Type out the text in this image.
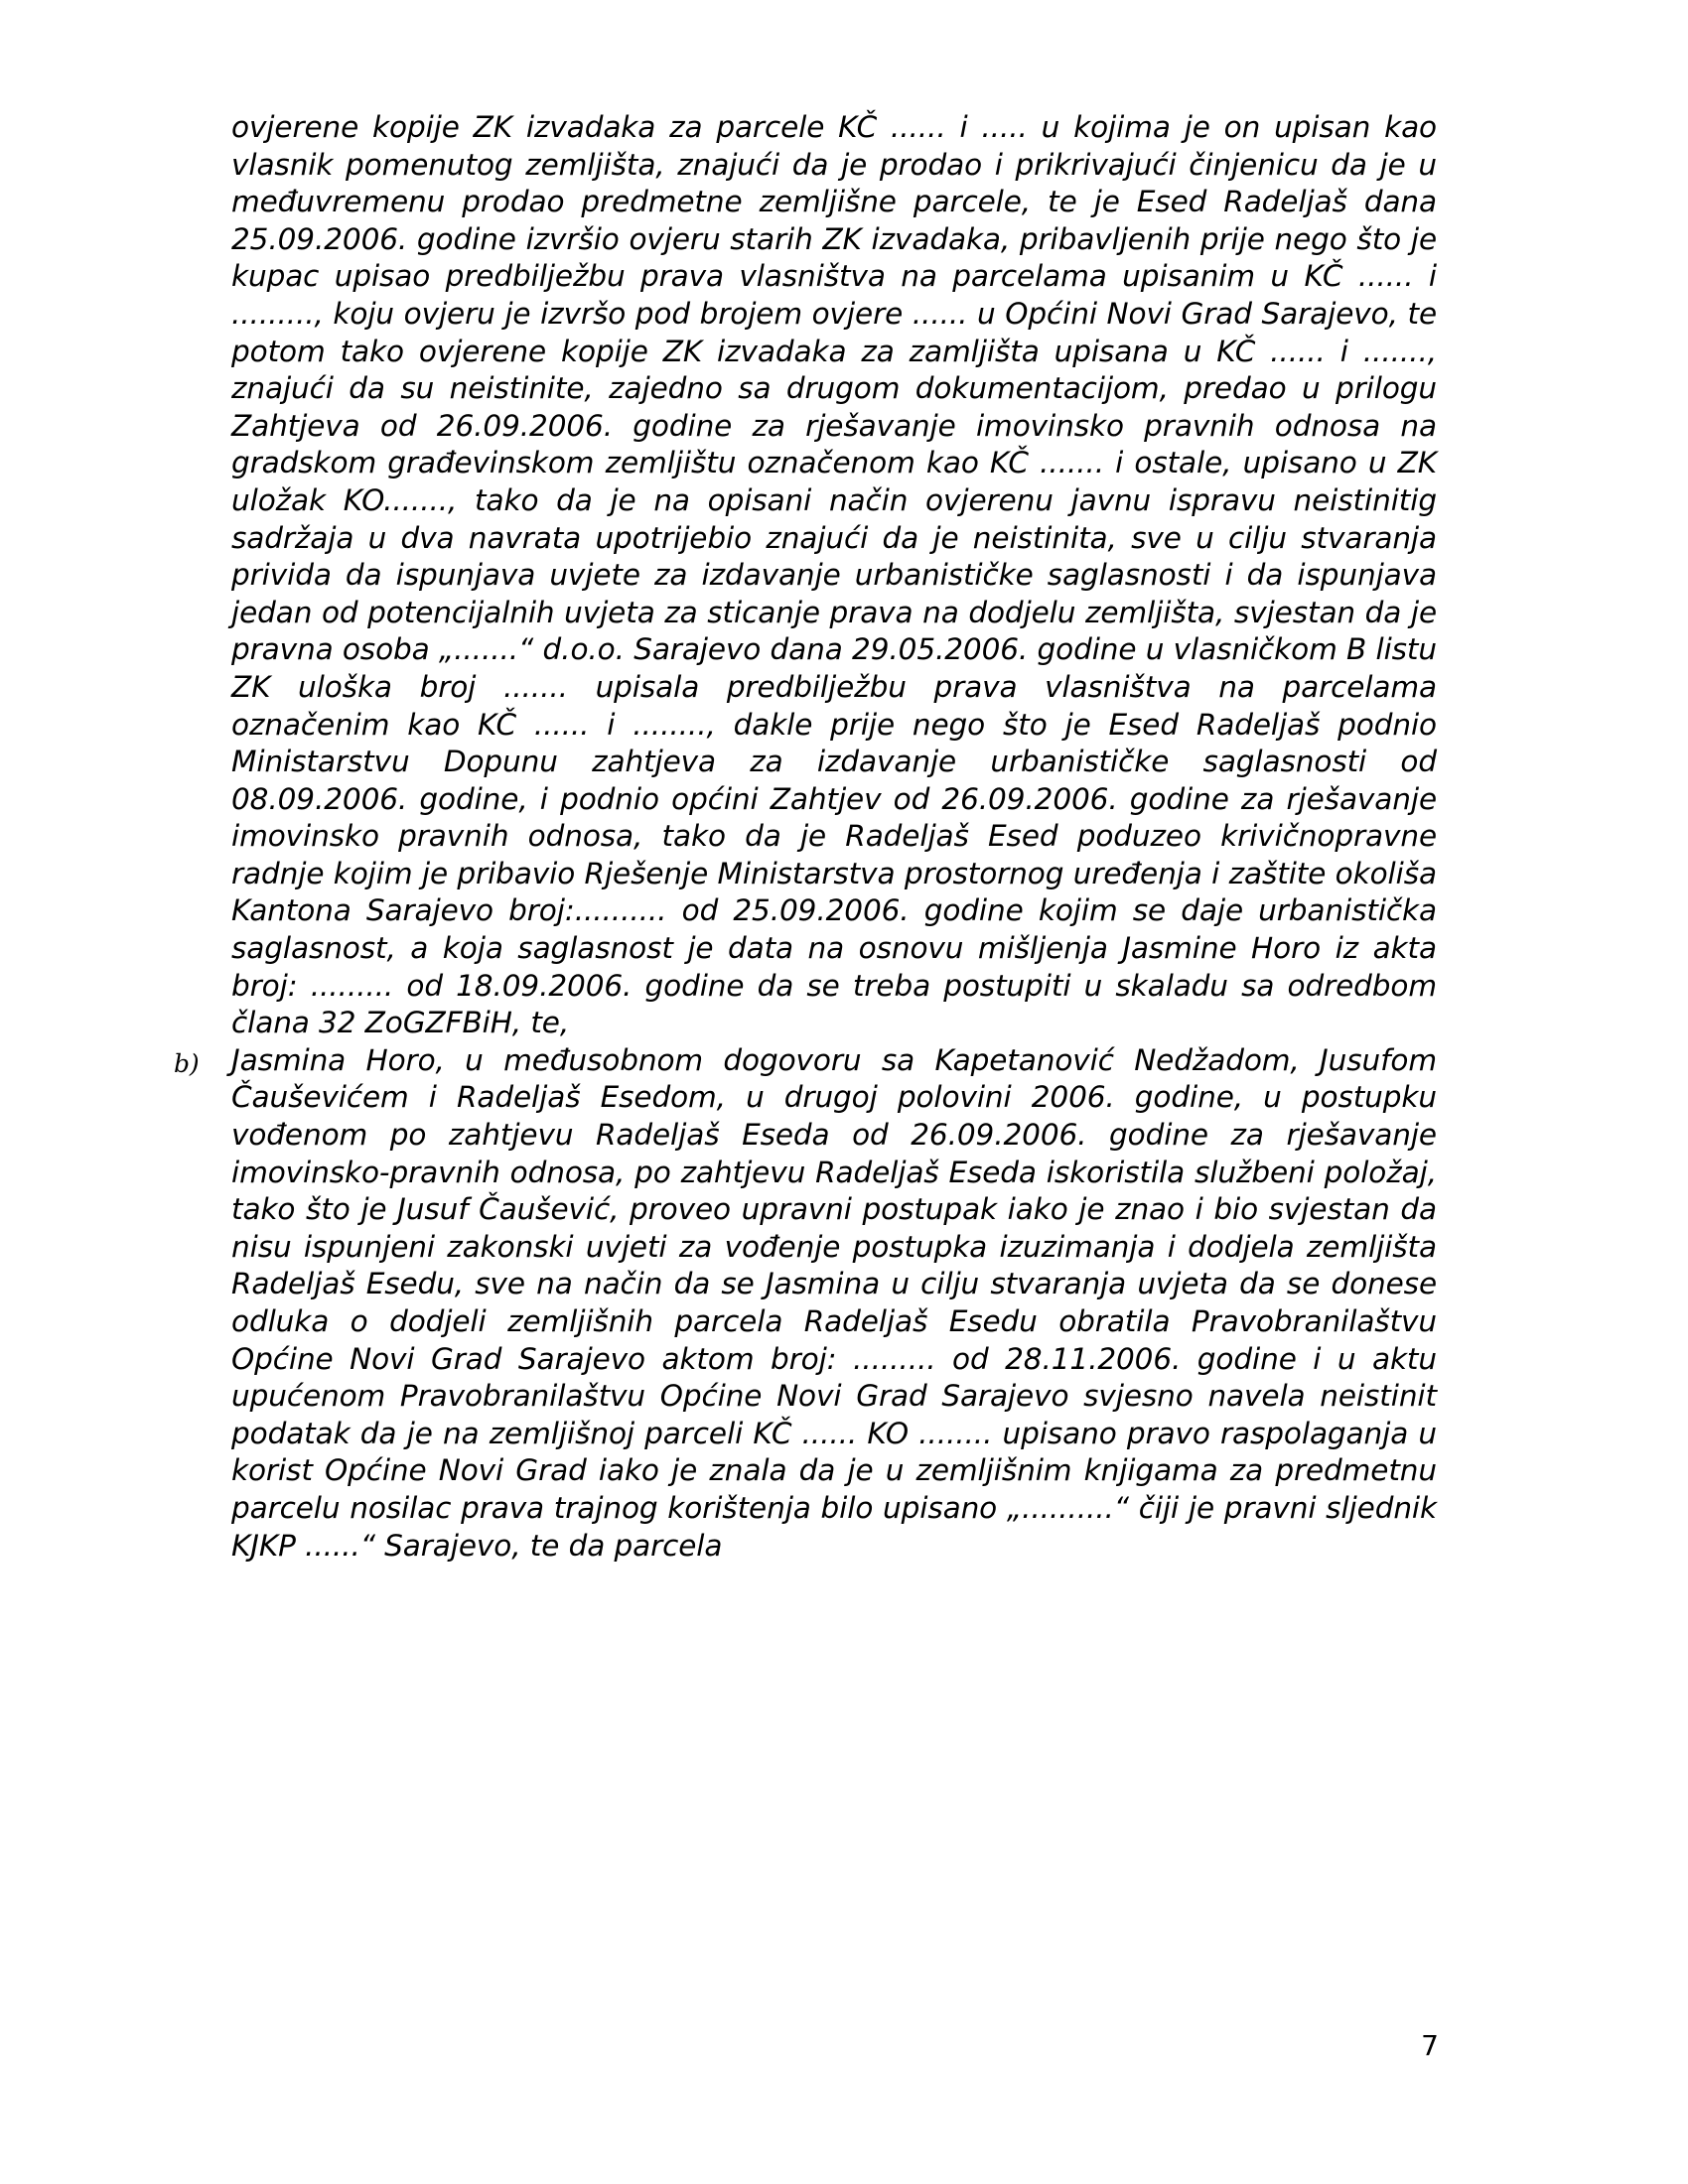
ovjerene kopije ZK izvadaka za parcele KČ ...... i ..... u kojima je on upisan kao vlasnik pomenutog zemljišta, znajući da je prodao i prikrivajući činjenicu da je u međuvremenu prodao predmetne zemljišne parcele, te je Esed Radeljaš dana 25.09.2006. godine izvršio ovjeru starih ZK izvadaka, pribavljenih prije nego što je kupac upisao predbilježbu prava vlasništva na parcelama upisanim u KČ ...... i ........., koju ovjeru je izvršo pod brojem ovjere ...... u Općini Novi Grad Sarajevo, te potom tako ovjerene kopije ZK izvadaka za zamljišta upisana u KČ ...... i ......., znajući da su neistinite, zajedno sa drugom dokumentacijom, predao u prilogu Zahtjeva od 26.09.2006. godine za rješavanje imovinsko pravnih odnosa na gradskom građevinskom zemljištu označenom kao KČ ....... i ostale, upisano u ZK uložak KO......., tako da je na opisani način ovjerenu javnu ispravu neistinitig sadržaja u dva navrata upotrijebio znajući da je neistinita, sve u cilju stvaranja privida da ispunjava uvjete za izdavanje urbanističke saglasnosti i da ispunjava jedan od potencijalnih uvjeta za sticanje prava na dodjelu zemljišta, svjestan da je pravna osoba „.......“ d.o.o. Sarajevo dana 29.05.2006. godine u vlasničkom B listu ZK uloška broj ....... upisala predbilježbu prava vlasništva na parcelama označenim kao KČ ...... i ........, dakle prije nego što je Esed Radeljaš podnio Ministarstvu Dopunu zahtjeva za izdavanje urbanističke saglasnosti od 08.09.2006. godine, i podnio općini Zahtjev od 26.09.2006. godine za rješavanje imovinsko pravnih odnosa, tako da je Radeljaš Esed poduzeo krivičnopravne radnje kojim je pribavio Rješenje Ministarstva prostornog uređenja i zaštite okoliša Kantona Sarajevo broj:.......... od 25.09.2006. godine kojim se daje urbanistička saglasnost, a koja saglasnost je data na osnovu mišljenja Jasmine Horo iz akta broj: ......... od 18.09.2006. godine da se treba postupiti u skaladu sa odredbom člana 32 ZoGZFBiH, te,

b)	Jasmina Horo, u međusobnom dogovoru sa Kapetanović Nedžadom, Jusufom Čauševićem i Radeljaš Esedom, u drugoj polovini 2006. godine, u postupku vođenom po zahtjevu Radeljaš Eseda od 26.09.2006. godine za rješavanje imovinsko-pravnih odnosa, po zahtjevu Radeljaš Eseda iskoristila službeni položaj, tako što je Jusuf Čaušević, proveo upravni postupak iako je znao i bio svjestan da nisu ispunjeni zakonski uvjeti za vođenje postupka izuzimanja i dodjela zemljišta Radeljaš Esedu, sve na način da se Jasmina u cilju stvaranja uvjeta da se donese odluka o dodjeli zemljišnih parcela Radeljaš Esedu obratila Pravobranilaštvu Općine Novi Grad Sarajevo aktom broj: ......... od 28.11.2006. godine i u aktu upućenom Pravobranilaštvu Općine Novi Grad Sarajevo svjesno navela neistinit podatak da je na zemljišnoj parceli KČ ...... KO ........ upisano pravo raspolaganja u korist Općine Novi Grad iako je znala da je u zemljišnim knjigama za predmetnu parcelu nosilac prava trajnog korištenja bilo upisano „..........“ čiji je pravni sljednik KJKP ......“ Sarajevo, te da parcela

7
